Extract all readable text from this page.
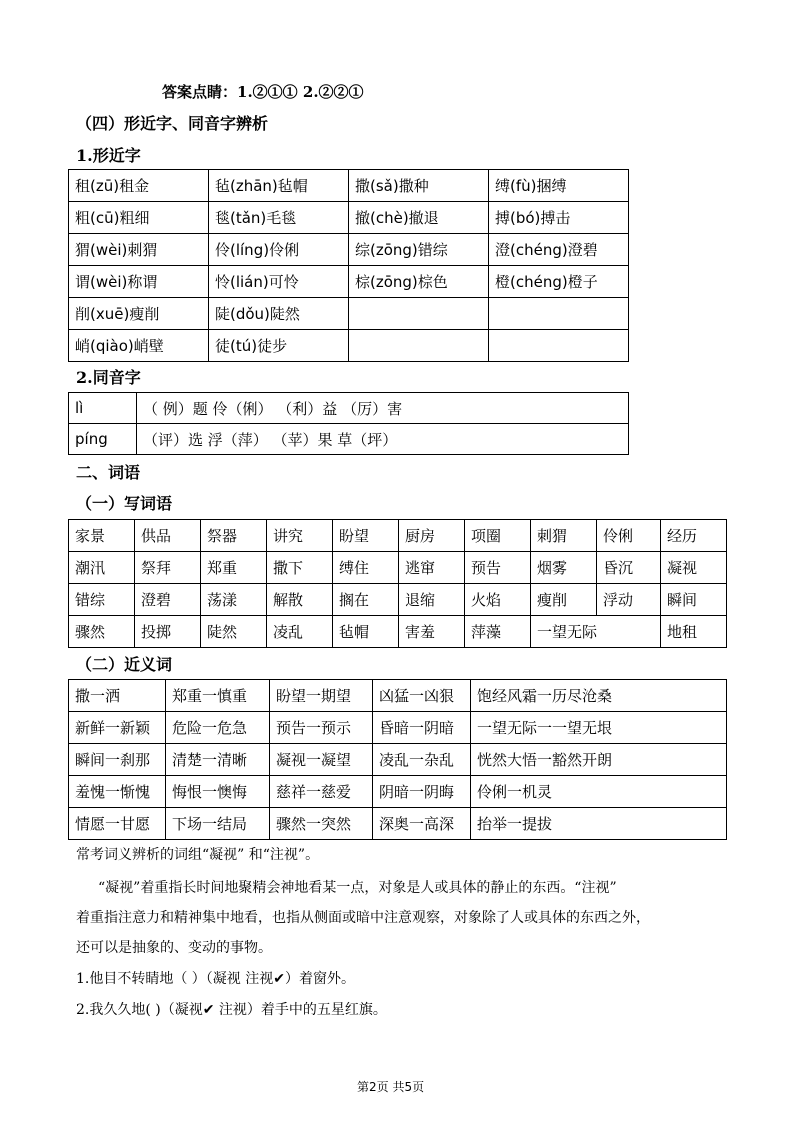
答案点睛：1.②①① 2.②②①
（四）形近字、同音字辨析
1.形近字
租(zū)租金	毡(zhān)毡帽	撒(sǎ)撒种	缚(fù)捆缚
粗(cū)粗细	毯(tǎn)毛毯	撤(chè)撤退	搏(bó)搏击
猬(wèi)刺猬	伶(líng)伶俐	综(zōng)错综	澄(chéng)澄碧
谓(wèi)称谓	怜(lián)可怜	棕(zōng)棕色	橙(chéng)橙子
削(xuē)瘦削	陡(dǒu)陡然		
峭(qiào)峭壁	徒(tú)徒步		
2.同音字
lì	（ 例）题 伶（俐） （利）益 （厉）害
píng	（评）选 浮（萍） （苹）果 草（坪）
二、词语
（一）写词语
家景	供品	祭器	讲究	盼望	厨房	项圈	刺猬	伶俐	经历
潮汛	祭拜	郑重	撒下	缚住	逃窜	预告	烟雾	昏沉	凝视
错综	澄碧	荡漾	解散	搁在	退缩	火焰	瘦削	浮动	瞬间
骤然	投掷	陡然	凌乱	毡帽	害羞	萍藻	一望无际		地租
（二）近义词
撒一洒	郑重一慎重	盼望一期望	凶猛一凶狠	饱经风霜一历尽沧桑
新鲜一新颖	危险一危急	预告一预示	昏暗一阴暗	一望无际一一望无垠
瞬间一刹那	清楚一清晰	凝视一凝望	凌乱一杂乱	恍然大悟一豁然开朗
羞愧一惭愧	悔恨一懊悔	慈祥一慈爱	阴暗一阴晦	伶俐一机灵
情愿一甘愿	下场一结局	骤然一突然	深奥一高深	抬举一提拔
常考词义辨析的词组“凝视” 和“注视”。
“凝视”着重指长时间地聚精会神地看某一点，对象是人或具体的静止的东西。“注视”
着重指注意力和精神集中地看，也指从侧面或暗中注意观察，对象除了人或具体的东西之外，
还可以是抽象的、变动的事物。
1.他目不转睛地（ ）（凝视 注视✔）着窗外。
2.我久久地( )（凝视✔ 注视）着手中的五星红旗。
第2页 共5页
